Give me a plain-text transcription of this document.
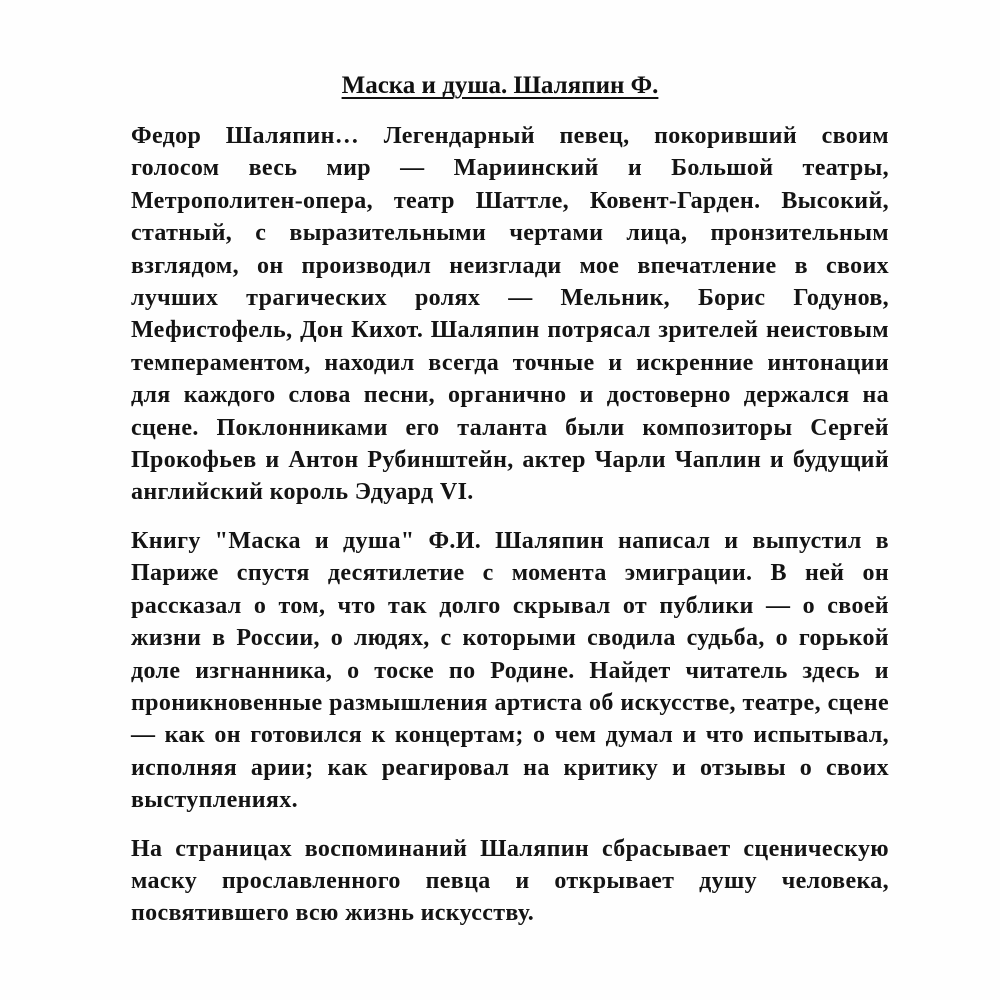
Маска и душа. Шаляпин Ф.

Федор Шаляпин… Легендарный певец, покоривший своим голосом весь мир — Мариинский и Большой театры, Метрополитен-опера, театр Шаттле, Ковент-Гарден. Высокий, статный, с выразительными чертами лица, пронзительным взглядом, он производил неизглади мое впечатление в своих лучших трагических ролях — Мельник, Борис Годунов, Мефистофель, Дон Кихот. Шаляпин потрясал зрителей неистовым темпераментом, находил всегда точные и искренние интонации для каждого слова песни, органично и достоверно держался на сцене. Поклонниками его таланта были композиторы Сергей Прокофьев и Антон Рубинштейн, актер Чарли Чаплин и будущий английский король Эдуард VI.

Книгу "Маска и душа" Ф.И. Шаляпин написал и выпустил в Париже спустя десятилетие с момента эмиграции. В ней он рассказал о том, что так долго скрывал от публики — о своей жизни в России, о людях, с которыми сводила судьба, о горькой доле изгнанника, о тоске по Родине. Найдет читатель здесь и проникновенные размышления артиста об искусстве, театре, сцене — как он готовился к концертам; о чем думал и что испытывал, исполняя арии; как реагировал на критику и отзывы о своих выступлениях.

На страницах воспоминаний Шаляпин сбрасывает сценическую маску прославленного певца и открывает душу человека, посвятившего всю жизнь искусству.
